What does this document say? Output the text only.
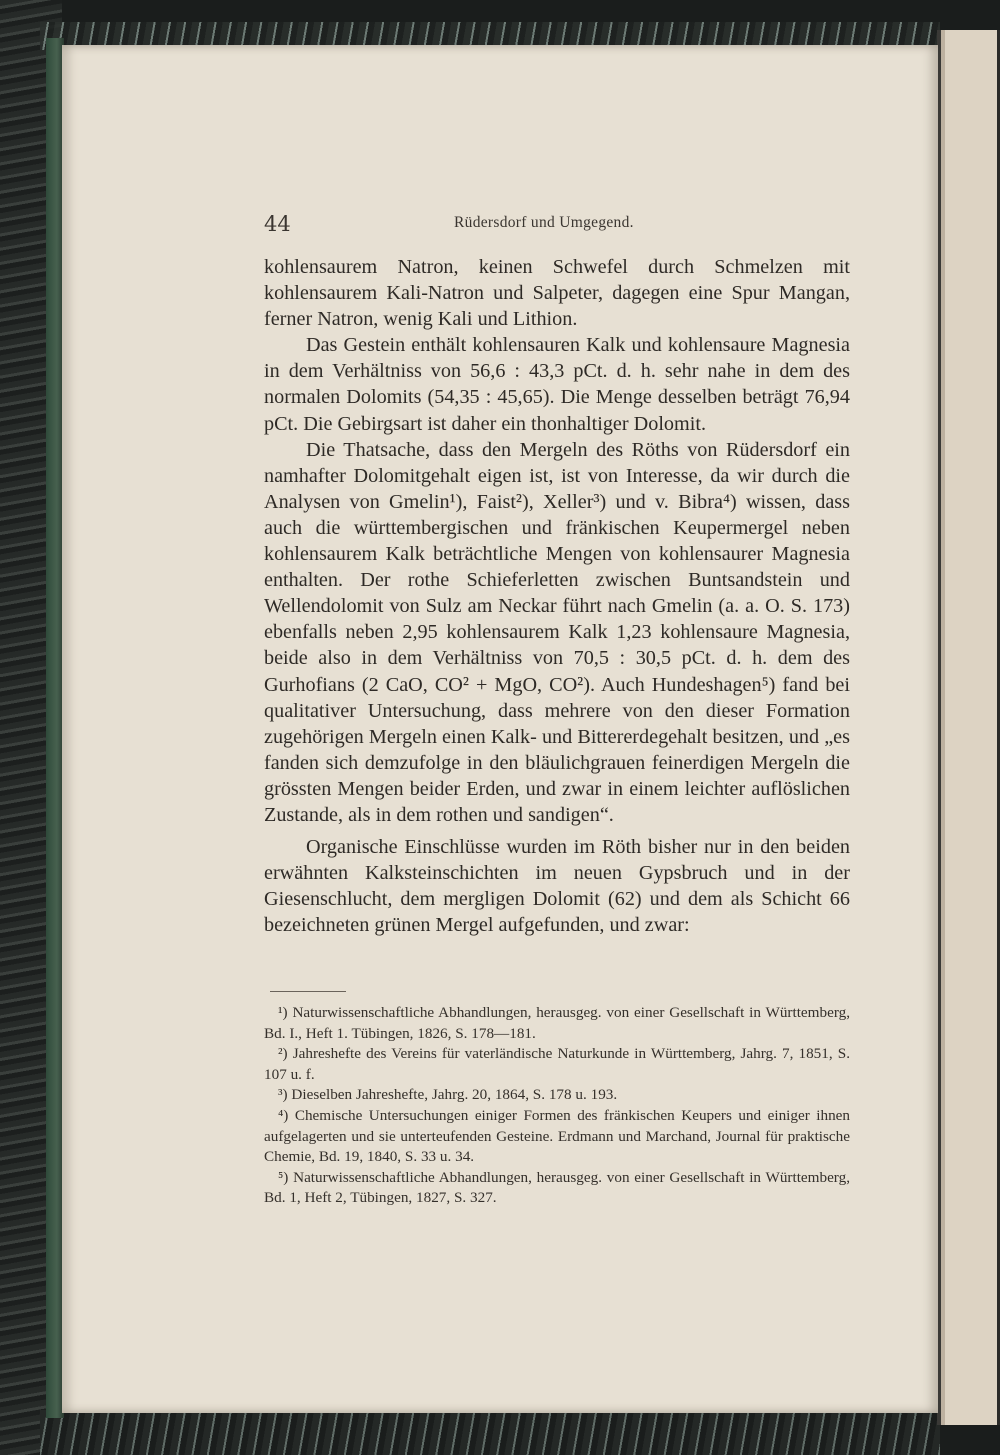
44	Rüdersdorf und Umgegend.

kohlensaurem Natron, keinen Schwefel durch Schmelzen mit kohlensaurem Kali-Natron und Salpeter, dagegen eine Spur Mangan, ferner Natron, wenig Kali und Lithion.

Das Gestein enthält kohlensauren Kalk und kohlensaure Magnesia in dem Verhältniss von 56,6 : 43,3 pCt. d. h. sehr nahe in dem des normalen Dolomits (54,35 : 45,65). Die Menge desselben beträgt 76,94 pCt. Die Gebirgsart ist daher ein thonhaltiger Dolomit.

Die Thatsache, dass den Mergeln des Röths von Rüdersdorf ein namhafter Dolomitgehalt eigen ist, ist von Interesse, da wir durch die Analysen von Gmelin¹), Faist²), Xeller³) und v. Bibra⁴) wissen, dass auch die württembergischen und fränkischen Keupermergel neben kohlensaurem Kalk beträchtliche Mengen von kohlensaurer Magnesia enthalten. Der rothe Schieferletten zwischen Buntsandstein und Wellendolomit von Sulz am Neckar führt nach Gmelin (a. a. O. S. 173) ebenfalls neben 2,95 kohlensaurem Kalk 1,23 kohlensaure Magnesia, beide also in dem Verhältniss von 70,5 : 30,5 pCt. d. h. dem des Gurhofians (2 CaO, CO² + MgO, CO²). Auch Hundeshagen⁵) fand bei qualitativer Untersuchung, dass mehrere von den dieser Formation zugehörigen Mergeln einen Kalk- und Bittererdegehalt besitzen, und „es fanden sich demzufolge in den bläulichgrauen feinerdigen Mergeln die grössten Mengen beider Erden, und zwar in einem leichter auflöslichen Zustande, als in dem rothen und sandigen“.

Organische Einschlüsse wurden im Röth bisher nur in den beiden erwähnten Kalksteinschichten im neuen Gypsbruch und in der Giesenschlucht, dem mergligen Dolomit (62) und dem als Schicht 66 bezeichneten grünen Mergel aufgefunden, und zwar:

¹) Naturwissenschaftliche Abhandlungen, herausgeg. von einer Gesellschaft in Württemberg, Bd. I., Heft 1. Tübingen, 1826, S. 178—181.

²) Jahreshefte des Vereins für vaterländische Naturkunde in Württemberg, Jahrg. 7, 1851, S. 107 u. f.

³) Dieselben Jahreshefte, Jahrg. 20, 1864, S. 178 u. 193.

⁴) Chemische Untersuchungen einiger Formen des fränkischen Keupers und einiger ihnen aufgelagerten und sie unterteufenden Gesteine. Erdmann und Marchand, Journal für praktische Chemie, Bd. 19, 1840, S. 33 u. 34.

⁵) Naturwissenschaftliche Abhandlungen, herausgeg. von einer Gesellschaft in Württemberg, Bd. 1, Heft 2, Tübingen, 1827, S. 327.
